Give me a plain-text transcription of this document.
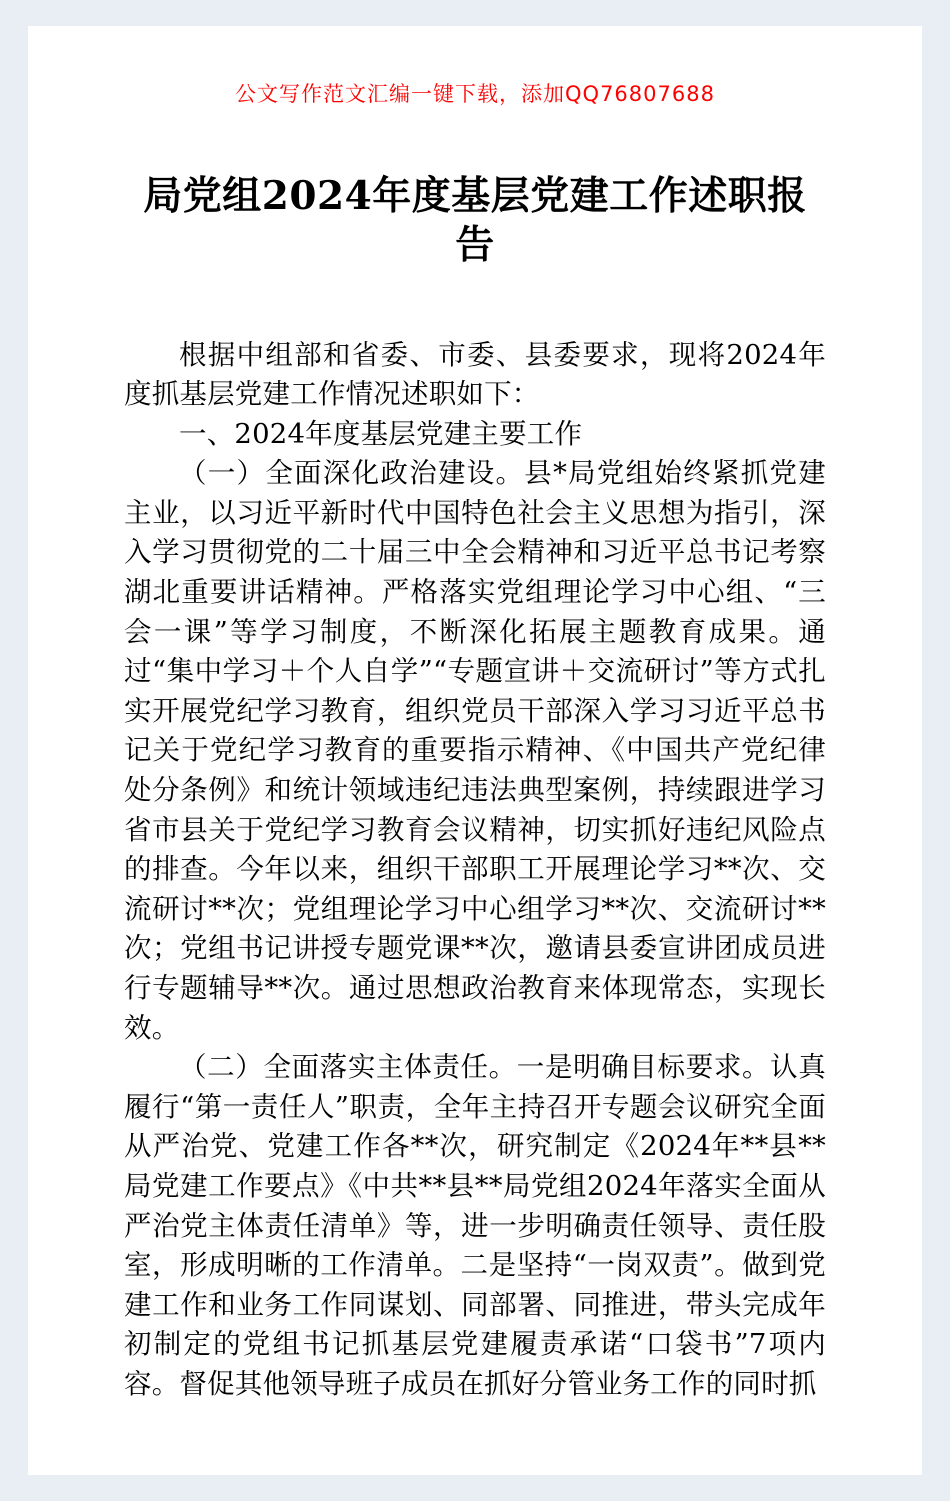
公文写作范文汇编一键下载，添加QQ76807688
局党组2024年度基层党建工作述职报告

根据中组部和省委、市委、县委要求，现将2024年度抓基层党建工作情况述职如下：

一、2024年度基层党建主要工作

（一）全面深化政治建设。县*局党组始终紧抓党建主业，以习近平新时代中国特色社会主义思想为指引，深入学习贯彻党的二十届三中全会精神和习近平总书记考察湖北重要讲话精神。严格落实党组理论学习中心组、“三会一课”等学习制度，不断深化拓展主题教育成果。通过“集中学习＋个人自学”“专题宣讲＋交流研讨”等方式扎实开展党纪学习教育，组织党员干部深入学习习近平总书记关于党纪学习教育的重要指示精神、《中国共产党纪律处分条例》和统计领域违纪违法典型案例，持续跟进学习省市县关于党纪学习教育会议精神，切实抓好违纪风险点的排查。今年以来，组织干部职工开展理论学习**次、交流研讨**次；党组理论学习中心组学习**次、交流研讨**次；党组书记讲授专题党课**次，邀请县委宣讲团成员进行专题辅导**次。通过思想政治教育来体现常态，实现长效。

（二）全面落实主体责任。一是明确目标要求。认真履行“第一责任人”职责，全年主持召开专题会议研究全面从严治党、党建工作各**次，研究制定《2024年**县**局党建工作要点》《中共**县**局党组2024年落实全面从严治党主体责任清单》等，进一步明确责任领导、责任股室，形成明晰的工作清单。二是坚持“一岗双责”。做到党建工作和业务工作同谋划、同部署、同推进，带头完成年初制定的党组书记抓基层党建履责承诺“口袋书”7项内容。督促其他领导班子成员在抓好分管业务工作的同时抓
